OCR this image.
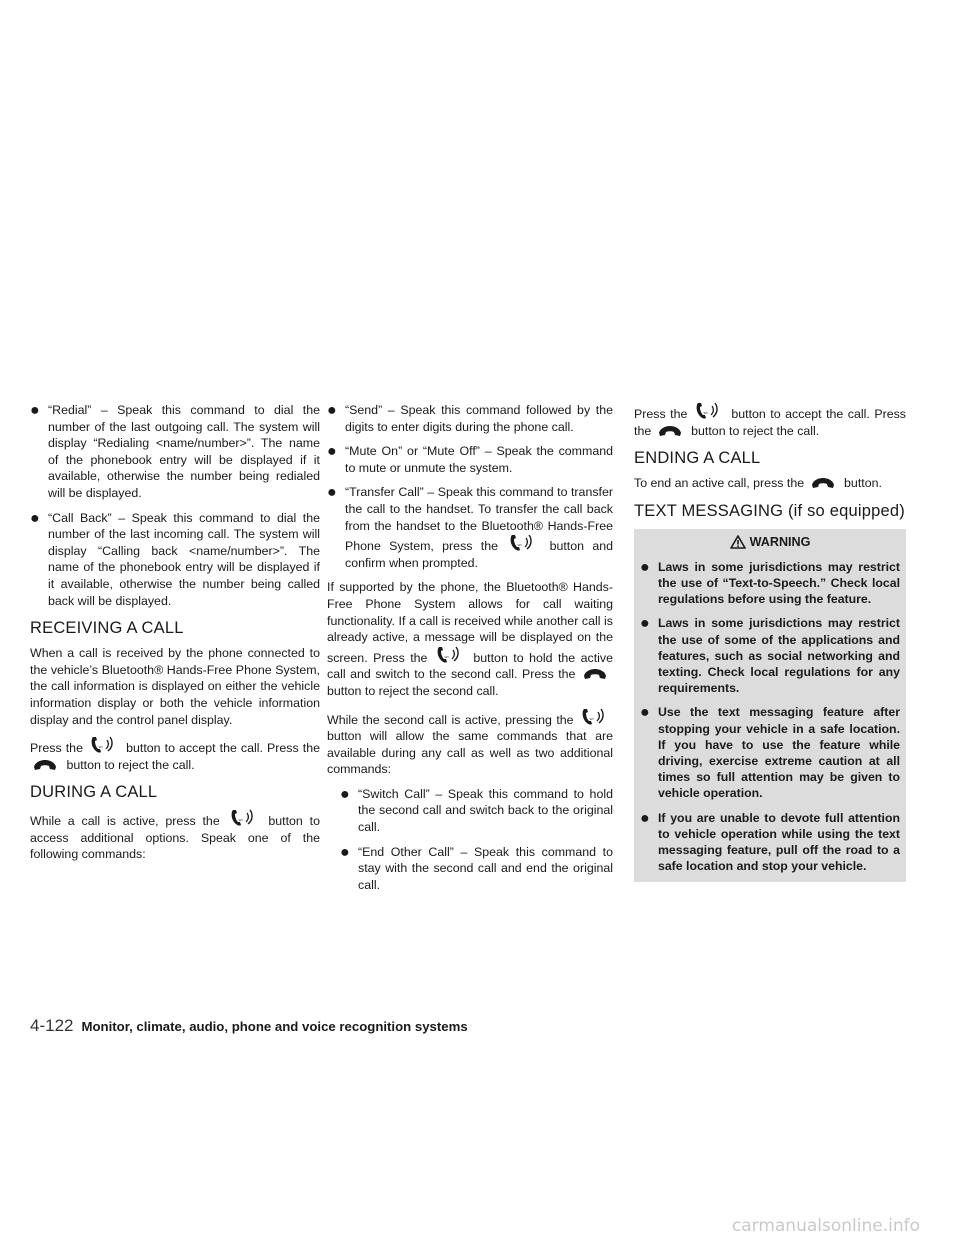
● “Redial” – Speak this command to dial the number of the last outgoing call. The system will display “Redialing <name/number>”. The name of the phonebook entry will be displayed if it available, otherwise the number being redialed will be displayed.

● “Call Back” – Speak this command to dial the number of the last incoming call. The system will display “Calling back <name/number>”. The name of the phonebook entry will be displayed if it available, otherwise the number being called back will be displayed.

RECEIVING A CALL

When a call is received by the phone connected to the vehicle’s Bluetooth® Hands-Free Phone System, the call information is displayed on either the vehicle information display or both the vehicle information display and the control panel display.

Press the	button to accept the call. Press the  button to reject the call.

DURING A CALL

While a call is active, press the	button to access additional options. Speak one of the following commands:

● “Send” – Speak this command followed by the digits to enter digits during the phone call.

● “Mute On” or “Mute Off” – Speak the command to mute or unmute the system.

● “Transfer Call” – Speak this command to transfer the call to the handset. To transfer the call back from the handset to the Bluetooth® Hands-Free Phone System, press the	button and confirm when prompted.

If supported by the phone, the Bluetooth® Hands-Free Phone System allows for call waiting functionality. If a call is received while another call is already active, a message will be displayed on the screen. Press the	button to hold the active call and switch to the second call. Press the  button to reject the second call.

While the second call is active, pressing the  button will allow the same commands that are available during any call as well as two additional commands:

● “Switch Call” – Speak this command to hold the second call and switch back to the original call.

● “End Other Call” – Speak this command to stay with the second call and end the original call.

Press the	button to accept the call. Press the	button to reject the call.

ENDING A CALL

To end an active call, press the	button.

TEXT MESSAGING (if so equipped)
WARNING
● Laws in some jurisdictions may restrict the use of “Text-to-Speech.” Check local regulations before using the feature.

● Laws in some jurisdictions may restrict the use of some of the applications and features, such as social networking and texting. Check local regulations for any requirements.

● Use the text messaging feature after stopping your vehicle in a safe location. If you have to use the feature while driving, exercise extreme caution at all times so full attention may be given to vehicle operation.

● If you are unable to devote full attention to vehicle operation while using the text messaging feature, pull off the road to a safe location and stop your vehicle.

4-122 Monitor, climate, audio, phone and voice recognition systems
carmanualsonline.info
